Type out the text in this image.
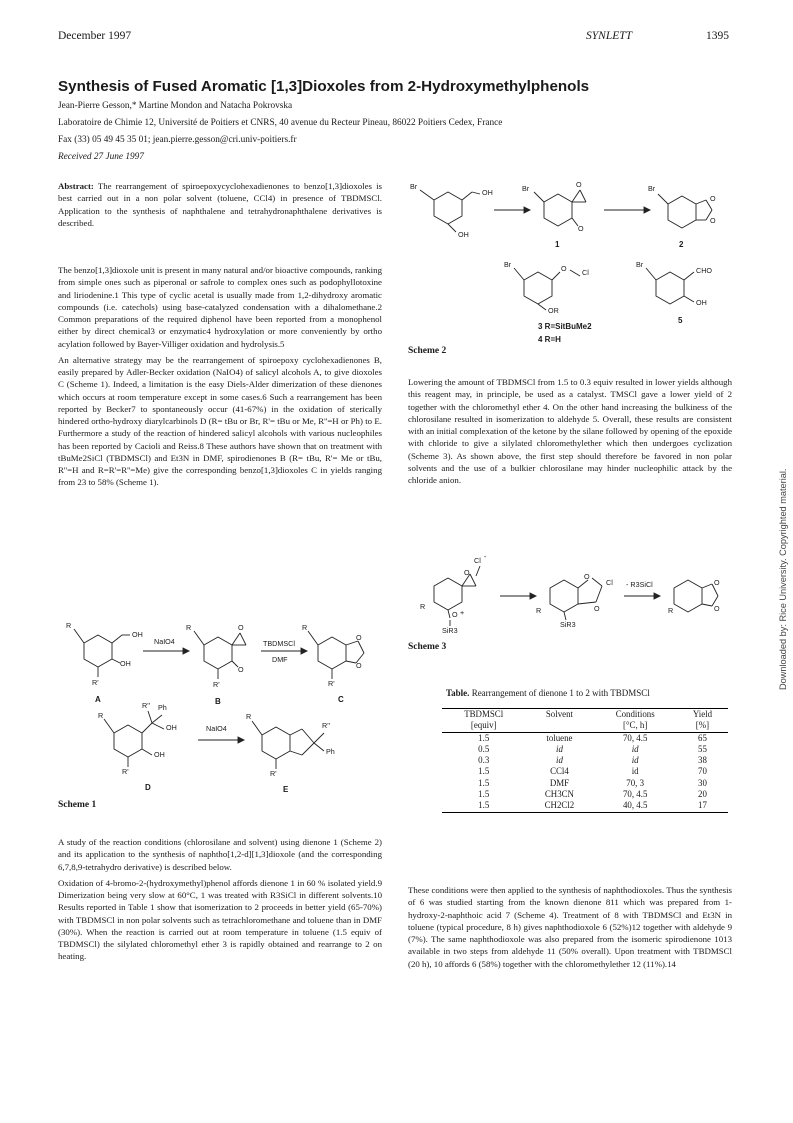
December 1997	SYNLETT	1395
Synthesis of Fused Aromatic [1,3]Dioxoles from 2-Hydroxymethylphenols
Jean-Pierre Gesson,* Martine Mondon and Natacha Pokrovska
Laboratoire de Chimie 12, Université de Poitiers et CNRS, 40 avenue du Recteur Pineau, 86022 Poitiers Cedex, France
Fax (33) 05 49 45 35 01; jean.pierre.gesson@cri.univ-poitiers.fr
Received 27 June 1997
Abstract: The rearrangement of spiroepoxycyclohexadienones to benzo[1,3]dioxoles is best carried out in a non polar solvent (toluene, CCl4) in presence of TBDMSCl. Application to the synthesis of naphthalene and tetrahydronaphthalene derivatives is described.

The benzo[1,3]dioxole unit is present in many natural and/or bioactive compounds, ranking from simple ones such as piperonal or safrole to complex ones such as podophyllotoxine and liriodenine.1 This type of cyclic acetal is usually made from 1,2-dihydroxy aromatic compounds (i.e. catechols) using base-catalyzed condensation with a dihalomethane.2 Common preparations of the required diphenol have been reported from a monophenol either by direct chemical3 or enzymatic4 hydroxylation or more conveniently by ortho acylation followed by Bayer-Villiger oxidation and hydrolysis.5

An alternative strategy may be the rearrangement of spiroepoxy cyclohexadienones B, easily prepared by Adler-Becker oxidation (NaIO4) of salicyl alcohols A, to give dioxoles C (Scheme 1). Indeed, a limitation is the easy Diels-Alder dimerization of these dienones which occurs at room temperature except in some cases.6 Such a rearrangement has been reported by Becker7 to spontaneously occur (41-67%) in the oxidation of sterically hindered ortho-hydroxy diarylcarbinols D (R= tBu or Br, R'= tBu or Me, R''=H or Ph) to E. Furthermore a study of the reaction of hindered salicyl alcohols with various nucleophiles has been reported by Cacioli and Reiss.8 These authors have shown that on treatment with tBuMe2SiCl (TBDMSCl) and Et3N in DMF, spirodienones B (R= tBu, R'= Me or tBu, R''=H and R=R'=R''=Me) give the corresponding benzo[1,3]dioxoles C in yields ranging from 23 to 58% (Scheme 1).

R
OH
OH
R'
A
NaIO4
R	O
O
R'
B
TBDMSCl
DMF
R
O
O
R'
C
R'' Ph
R
OH
OH
R'
D
NaIO4
R
R''
Ph
R'
E
Scheme 1

A study of the reaction conditions (chlorosilane and solvent) using dienone 1 (Scheme 2) and its application to the synthesis of naphtho[1,2-d][1,3]dioxole (and the corresponding 6,7,8,9-tetrahydro derivative) is described below.

Oxidation of 4-bromo-2-(hydroxymethyl)phenol affords dienone 1 in 60 % isolated yield.9 Dimerization being very slow at 60°C, 1 was treated with R3SiCl in different solvents.10 Results reported in Table 1 show that isomerization to 2 proceeds in better yield (65-70%) with TBDMSCl in non polar solvents such as tetrachloromethane and toluene than in DMF (30%). When the reaction is carried out at room temperature in toluene (1.5 equiv of TBDMSCl) the silylated chloromethyl ether 3 is rapidly obtained and rearrange to 2 on heating.

Br
OH
OH
Br	O
O
1
Br
O
O
2
Br	O Cl
OR
3 R=SitBuMe2
4 R=H
Br
CHO
OH
5
Scheme 2

Lowering the amount of TBDMSCl from 1.5 to 0.3 equiv resulted in lower yields although this reagent may, in principle, be used as a catalyst. TMSCl gave a lower yield of 2 together with the chloromethyl ether 4. On the other hand increasing the bulkiness of the chlorosilane resulted in isomerization to aldehyde 5. Overall, these results are consistent with an initial complexation of the ketone by the silane followed by opening of the epoxide with chloride to give a silylated chloromethylether which then undergoes cyclization (Scheme 3). As shown above, the first step should therefore be favored in non polar solvents and the use of a bulkier chlorosilane may hinder nucleophilic attack by the chloride anion.

Cl -
O
O +
R
SiR3
O
Cl
O
R
SiR3
- R3SiCl	O
O
R
Scheme 3
Table. Rearrangement of dienone 1 to 2 with TBDMSCl
TBDMSCl	Solvent	Conditions	Yield
[equiv]		[°C, h]	[%]
1.5	toluene	70, 4.5	65
0.5	id	id	55
0.3	id	id	38
1.5	CCl4	id	70
1.5	DMF	70, 3	30
1.5	CH3CN	70, 4.5	20
1.5	CH2Cl2	40, 4.5	17

These conditions were then applied to the synthesis of naphthodioxoles. Thus the synthesis of 6 was studied starting from the known dienone 811 which was prepared from 1-hydroxy-2-naphthoic acid 7 (Scheme 4). Treatment of 8 with TBDMSCl and Et3N in toluene (typical procedure, 8 h) gives naphthodioxole 6 (52%)12 together with aldehyde 9 (7%). The same naphthodioxole was also prepared from the isomeric spirodienone 1013 available in two steps from aldehyde 11 (50% overall). Upon treatment with TBDMSCl (20 h), 10 affords 6 (58%) together with the chloromethylether 12 (11%).14

Downloaded by: Rice University. Copyrighted material.
